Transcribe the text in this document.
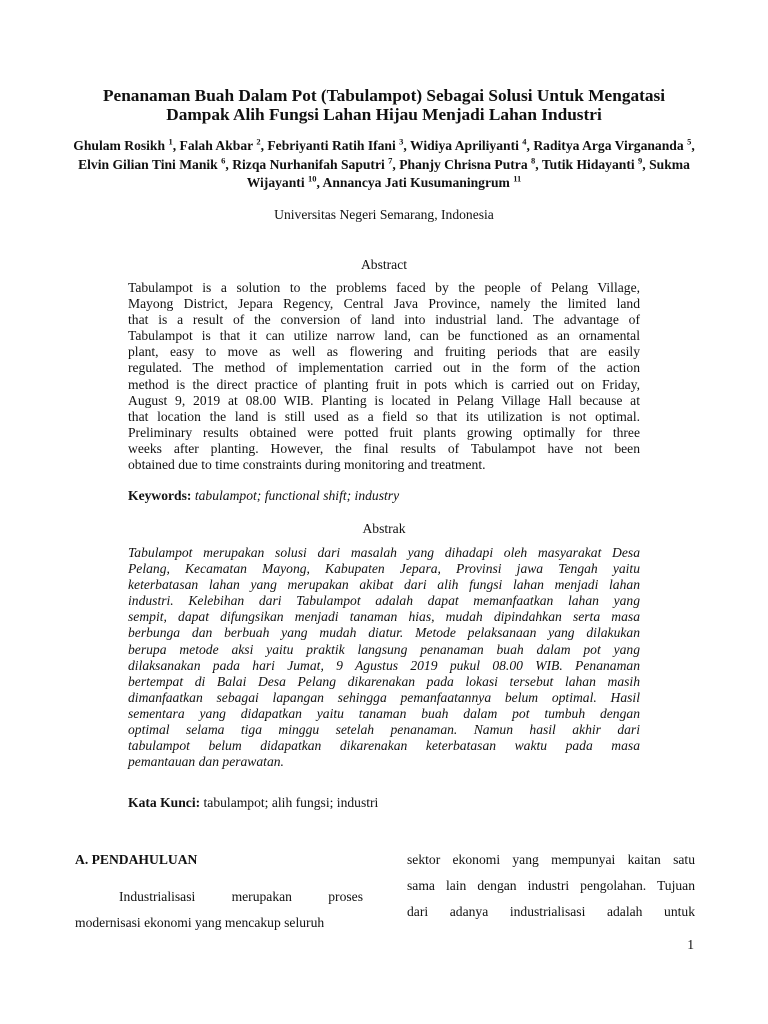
Penanaman Buah Dalam Pot (Tabulampot) Sebagai Solusi Untuk Mengatasi
Dampak Alih Fungsi Lahan Hijau Menjadi Lahan Industri
Ghulam Rosikh $^1$, Falah Akbar $^2$, Febriyanti Ratih Ifani $^3$, Widiya Apriliyanti $^4$, Raditya Arga Virgananda $^5$, Elvin Gilian Tini Manik $^6$, Rizqa Nurhanifah Saputri $^7$, Phanjy Chrisna Putra $^8$, Tutik Hidayanti $^9$, Sukma Wijayanti $^{10}$, Annancya Jati Kusumaningrum $^{11}$
Universitas Negeri Semarang, Indonesia
Abstract
Tabulampot is a solution to the problems faced by the people of Pelang Village,
Mayong District, Jepara Regency, Central Java Province, namely the limited land
that is a result of the conversion of land into industrial land. The advantage of
Tabulampot is that it can utilize narrow land, can be functioned as an ornamental
plant, easy to move as well as flowering and fruiting periods that are easily
regulated. The method of implementation carried out in the form of the action
method is the direct practice of planting fruit in pots which is carried out on Friday,
August 9, 2019 at 08.00 WIB. Planting is located in Pelang Village Hall because at
that location the land is still used as a field so that its utilization is not optimal.
Preliminary results obtained were potted fruit plants growing optimally for three
weeks after planting. However, the final results of Tabulampot have not been
obtained due to time constraints during monitoring and treatment.
Keywords: tabulampot; functional shift; industry
Abstrak
Tabulampot merupakan solusi dari masalah yang dihadapi oleh masyarakat Desa
Pelang, Kecamatan Mayong, Kabupaten Jepara, Provinsi jawa Tengah yaitu
keterbatasan lahan yang merupakan akibat dari alih fungsi lahan menjadi lahan
industri. Kelebihan dari Tabulampot adalah dapat memanfaatkan lahan yang
sempit, dapat difungsikan menjadi tanaman hias, mudah dipindahkan serta masa
berbunga dan berbuah yang mudah diatur. Metode pelaksanaan yang dilakukan
berupa metode aksi yaitu praktik langsung penanaman buah dalam pot yang
dilaksanakan pada hari Jumat, 9 Agustus 2019 pukul 08.00 WIB. Penanaman
bertempat di Balai Desa Pelang dikarenakan pada lokasi tersebut lahan masih
dimanfaatkan sebagai lapangan sehingga pemanfaatannya belum optimal. Hasil
sementara yang didapatkan yaitu tanaman buah dalam pot tumbuh dengan
optimal selama tiga minggu setelah penanaman. Namun hasil akhir dari
tabulampot belum didapatkan dikarenakan keterbatasan waktu pada masa
pemantauan dan perawatan.
Kata Kunci: tabulampot; alih fungsi; industri
A. PENDAHULUAN

Industrialisasi merupakan proses

modernisasi ekonomi yang mencakup seluruh

sektor ekonomi yang mempunyai kaitan satu

sama lain dengan industri pengolahan. Tujuan

dari adanya industrialisasi adalah untuk

1
